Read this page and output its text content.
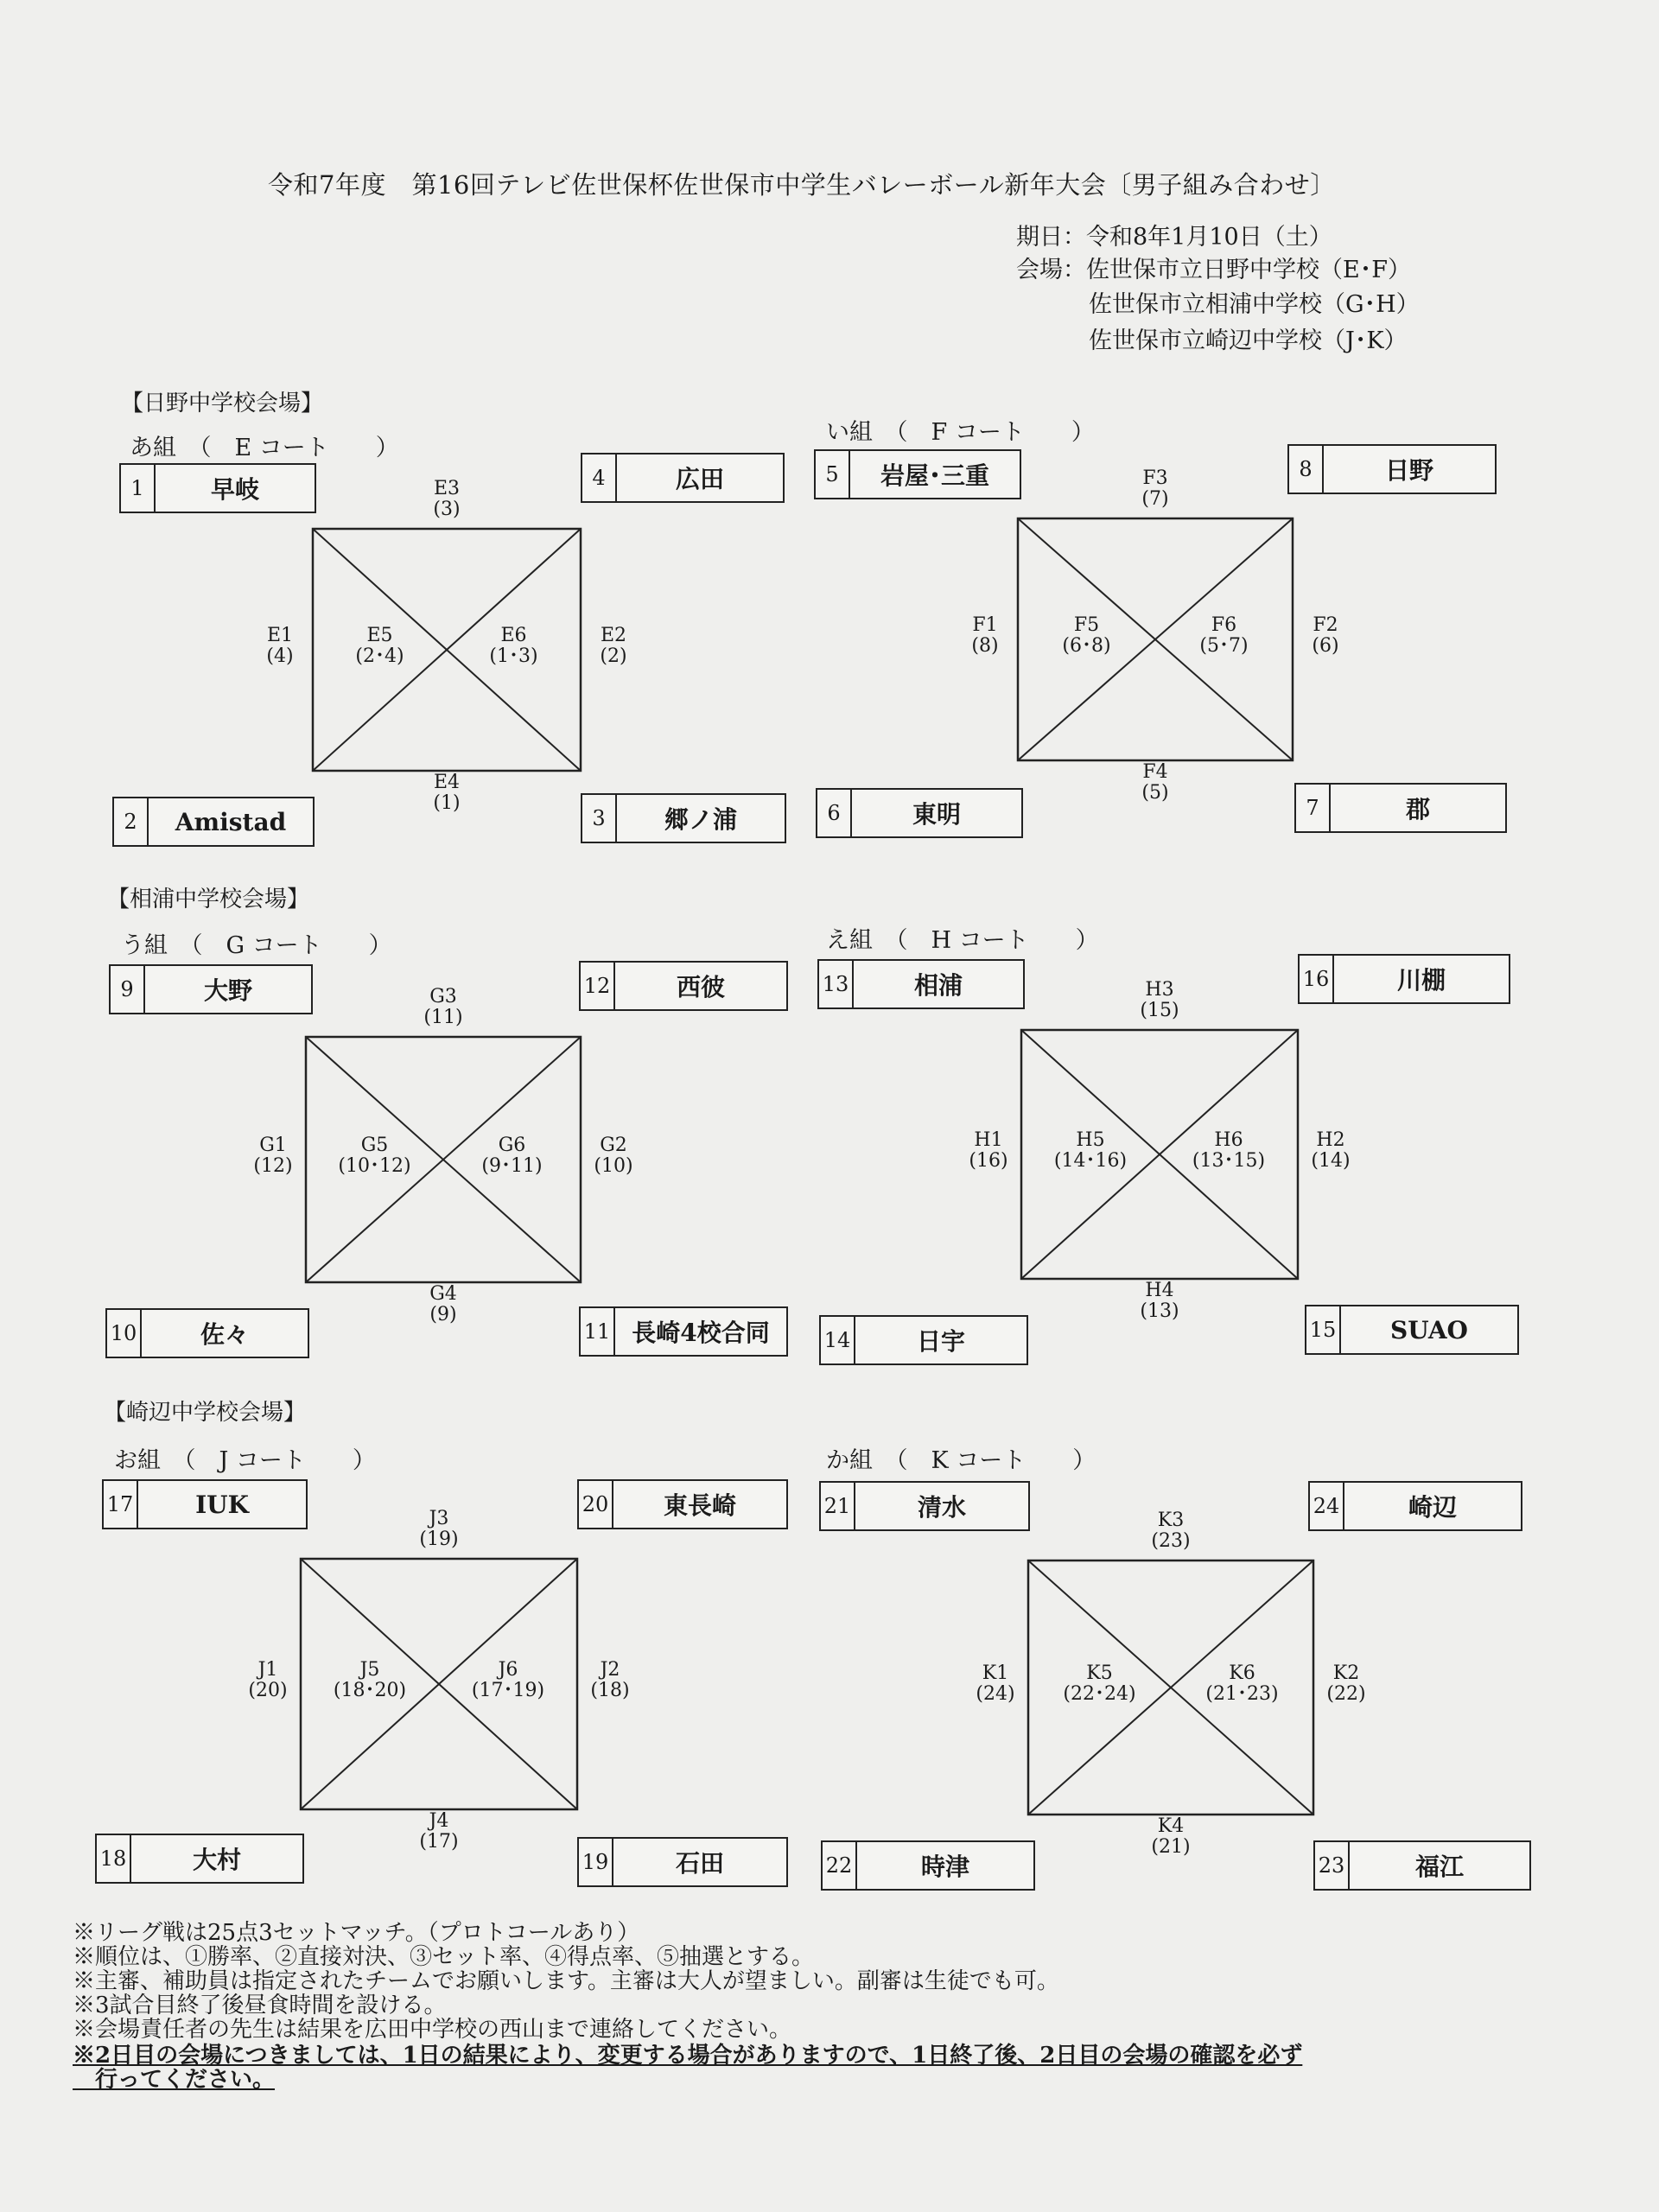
令和7年度　第16回テレビ佐世保杯佐世保市中学生バレーボール新年大会〔男子組み合わせ〕
期日：令和8年1月10日（土）
会場：佐世保市立日野中学校（E･F）
佐世保市立相浦中学校（G･H）
佐世保市立崎辺中学校（J･K）
【日野中学校会場】
【相浦中学校会場】
【崎辺中学校会場】
あ組　（　E コート　　）
1	早岐	4	広田
2	Amistad	3	郷ノ浦
E3
(3)
E4
(1)
E1
(4)
E2
(2)
E5
(2･4)
E6
(1･3)
い組　（　F コート　　）
5	岩屋･三重	8	日野
6	東明	7	郡
F3
(7)
F4
(5)
F1
(8)
F2
(6)
F5
(6･8)
F6
(5･7)
う組　（　G コート　　）
9	大野	12	西彼
10	佐々	11 長崎4校合同
G3
(11)
G4
(9)
G1
(12)
G2
(10)
G5
(10･12)
G6
(9･11)
え組　（　H コート　　）
13	相浦	16	川棚
14	日宇	15	SUAO
H3
(15)
H4
(13)
H1
(16)
H2
(14)
H5
(14･16)
H6
(13･15)
お組　（　J コート　　）
17	IUK	20	東長崎
18	大村	19	石田
J3
(19)
J4
(17)
J1
(20)
J2
(18)
J5
(18･20)
J6
(17･19)
か組　（　K コート　　）
21	清水	24	崎辺
22	時津	23	福江
K3
(23)
K4
(21)
K1
(24)
K2
(22)
K5
(22･24)
K6
(21･23)
※リーグ戦は25点3セットマッチ。（プロトコールあり）
※順位は、①勝率、②直接対決、③セット率、④得点率、⑤抽選とする。
※主審、補助員は指定されたチームでお願いします。主審は大人が望ましい。副審は生徒でも可。
※3試合目終了後昼食時間を設ける。
※会場責任者の先生は結果を広田中学校の西山まで連絡してください。
※2日目の会場につきましては、1日の結果により、変更する場合がありますので、1日終了後、2日目の会場の確認を必ず
　行ってください。
